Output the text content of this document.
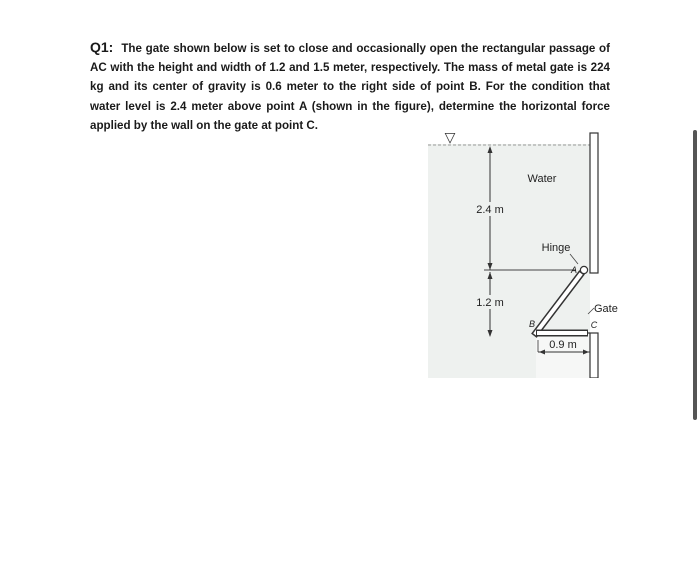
Q1: The gate shown below is set to close and occasionally open the rectangular passage of AC with the height and width of 1.2 and 1.5 meter, respectively. The mass of metal gate is 224 kg and its center of gravity is 0.6 meter to the right side of point B. For the condition that water level is 2.4 meter above point A (shown in the figure), determine the horizontal force applied by the wall on the gate at point C.
▽
Water
2.4 m
1.2 m
Hinge
A
B	C
Gate
0.9 m
